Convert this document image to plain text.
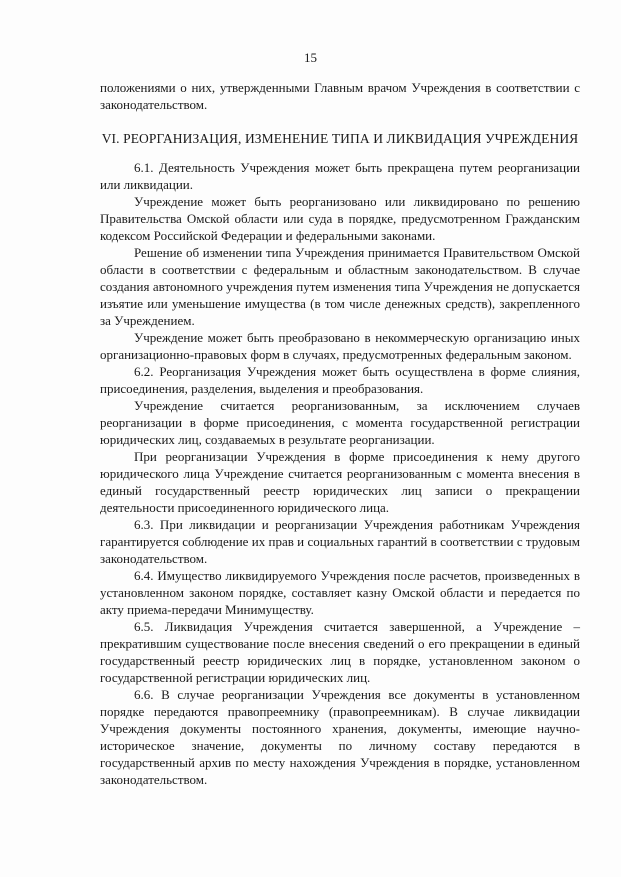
15

положениями о них, утвержденными Главным врачом Учреждения в соответствии с законодательством.

VI. РЕОРГАНИЗАЦИЯ, ИЗМЕНЕНИЕ ТИПА И ЛИКВИДАЦИЯ УЧРЕЖДЕНИЯ

6.1. Деятельность Учреждения может быть прекращена путем реорганизации или ликвидации.

Учреждение может быть реорганизовано или ликвидировано по решению Правительства Омской области или суда в порядке, предусмотренном Гражданским кодексом Российской Федерации и федеральными законами.

Решение об изменении типа Учреждения принимается Правительством Омской области в соответствии с федеральным и областным законодательством. В случае создания автономного учреждения путем изменения типа Учреждения не допускается изъятие или уменьшение имущества (в том числе денежных средств), закрепленного за Учреждением.

Учреждение может быть преобразовано в некоммерческую организацию иных организационно-правовых форм в случаях, предусмотренных федеральным законом.

6.2. Реорганизация Учреждения может быть осуществлена в форме слияния, присоединения, разделения, выделения и преобразования.

Учреждение считается реорганизованным, за исключением случаев реорганизации в форме присоединения, с момента государственной регистрации юридических лиц, создаваемых в результате реорганизации.

При реорганизации Учреждения в форме присоединения к нему другого юридического лица Учреждение считается реорганизованным с момента внесения в единый государственный реестр юридических лиц записи о прекращении деятельности присоединенного юридического лица.

6.3. При ликвидации и реорганизации Учреждения работникам Учреждения гарантируется соблюдение их прав и социальных гарантий в соответствии с трудовым законодательством.

6.4. Имущество ликвидируемого Учреждения после расчетов, произведенных в установленном законом порядке, составляет казну Омской области и передается по акту приема-передачи Минимуществу.

6.5. Ликвидация Учреждения считается завершенной, а Учреждение – прекратившим существование после внесения сведений о его прекращении в единый государственный реестр юридических лиц в порядке, установленном законом о государственной регистрации юридических лиц.

6.6. В случае реорганизации Учреждения все документы в установленном порядке передаются правопреемнику (правопреемникам). В случае ликвидации Учреждения документы постоянного хранения, документы, имеющие научно-историческое значение, документы по личному составу передаются в государственный архив по месту нахождения Учреждения в порядке, установленном законодательством.
